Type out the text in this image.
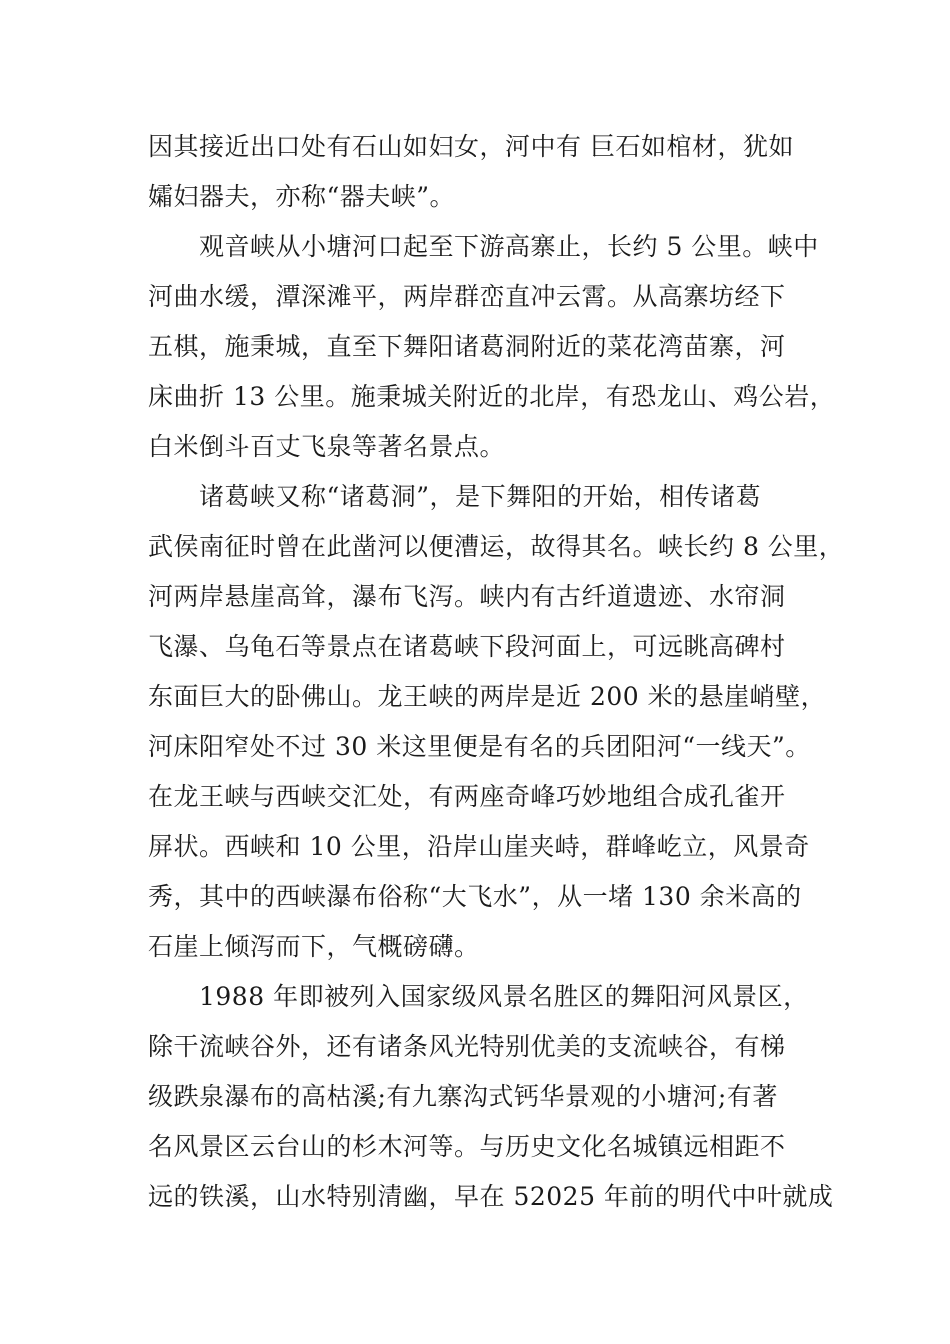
因其接近出口处有石山如妇女，河中有 巨石如棺材，犹如
孀妇器夫，亦称“器夫峡”。
　　观音峡从小塘河口起至下游高寨止，长约 5 公里。峡中
河曲水缓，潭深滩平，两岸群峦直冲云霄。从高寨坊经下
五棋，施秉城，直至下舞阳诸葛洞附近的菜花湾苗寨，河
床曲折 13 公里。施秉城关附近的北岸，有恐龙山、鸡公岩，
白米倒斗百丈飞泉等著名景点。
　　诸葛峡又称“诸葛洞”，是下舞阳的开始，相传诸葛
武侯南征时曾在此凿河以便漕运，故得其名。峡长约 8 公里，
河两岸悬崖高耸，瀑布飞泻。峡内有古纤道遗迹、水帘洞
飞瀑、乌龟石等景点在诸葛峡下段河面上，可远眺高碑村
东面巨大的卧佛山。龙王峡的两岸是近 200 米的悬崖峭壁，
河床阳窄处不过 30 米这里便是有名的兵团阳河“一线天”。
在龙王峡与西峡交汇处，有两座奇峰巧妙地组合成孔雀开
屏状。西峡和 10 公里，沿岸山崖夹峙，群峰屹立，风景奇
秀，其中的西峡瀑布俗称“大飞水”，从一堵 130 余米高的
石崖上倾泻而下，气概磅礴。
　　1988 年即被列入国家级风景名胜区的舞阳河风景区，
除干流峡谷外，还有诸条风光特别优美的支流峡谷，有梯
级跌泉瀑布的高枯溪;有九寨沟式钙华景观的小塘河;有著
名风景区云台山的杉木河等。与历史文化名城镇远相距不
远的铁溪，山水特别清幽，早在 52025 年前的明代中叶就成
